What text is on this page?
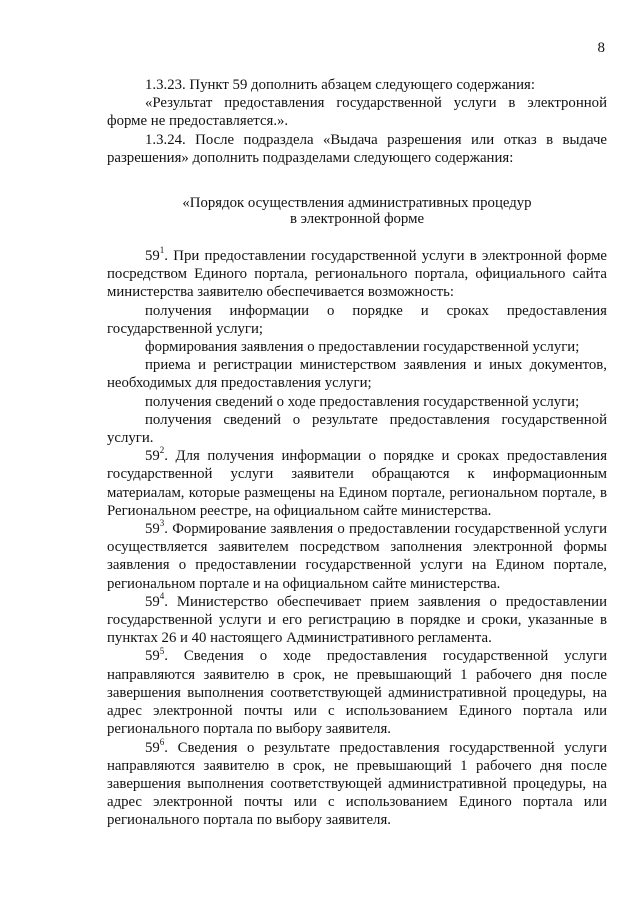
8

1.3.23. Пункт 59 дополнить абзацем следующего содержания:

«Результат предоставления государственной услуги в электронной форме не предоставляется.».

1.3.24. После подраздела «Выдача разрешения или отказ в выдаче разрешения» дополнить подразделами следующего содержания:

«Порядок осуществления административных процедур
в электронной форме

$59^1$. При предоставлении государственной услуги в электронной форме посредством Единого портала, регионального портала, официального сайта министерства заявителю обеспечивается возможность:

получения информации о порядке и сроках предоставления государственной услуги;

формирования заявления о предоставлении государственной услуги;

приема и регистрации министерством заявления и иных документов, необходимых для предоставления услуги;

получения сведений о ходе предоставления государственной услуги;

получения сведений о результате предоставления государственной услуги.

$59^2$. Для получения информации о порядке и сроках предоставления государственной услуги заявители обращаются к информационным материалам, которые размещены на Едином портале, региональном портале, в Региональном реестре, на официальном сайте министерства.

$59^3$. Формирование заявления о предоставлении государственной услуги осуществляется заявителем посредством заполнения электронной формы заявления о предоставлении государственной услуги на Едином портале, региональном портале и на официальном сайте министерства.

$59^4$. Министерство обеспечивает прием заявления о предоставлении государственной услуги и его регистрацию в порядке и сроки, указанные в пунктах 26 и 40 настоящего Административного регламента.

$59^5$. Сведения о ходе предоставления государственной услуги направляются заявителю в срок, не превышающий 1 рабочего дня после завершения выполнения соответствующей административной процедуры, на адрес электронной почты или с использованием Единого портала или регионального портала по выбору заявителя.

$59^6$. Сведения о результате предоставления государственной услуги направляются заявителю в срок, не превышающий 1 рабочего дня после завершения выполнения соответствующей административной процедуры, на адрес электронной почты или с использованием Единого портала или регионального портала по выбору заявителя.
